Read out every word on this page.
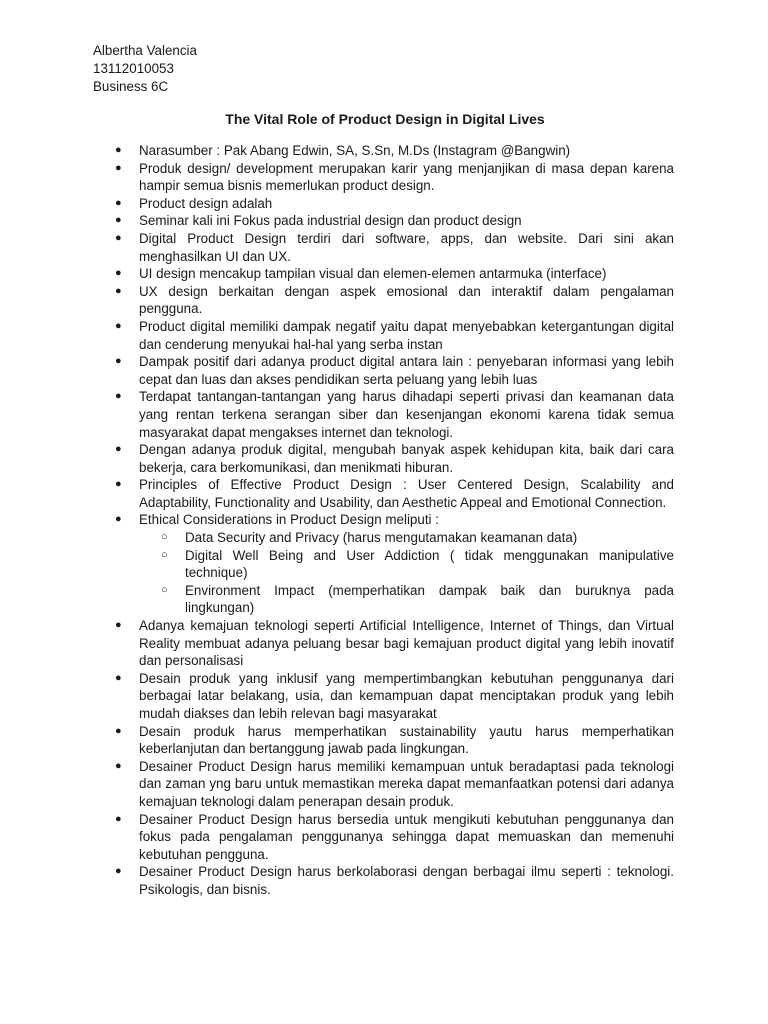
Albertha Valencia

13112010053

Business 6C

The Vital Role of Product Design in Digital Lives
● Narasumber : Pak Abang Edwin, SA, S.Sn, M.Ds (Instagram @Bangwin)
● Produk design/ development merupakan karir yang menjanjikan di masa depan karena hampir semua bisnis memerlukan product design.
● Product design adalah
● Seminar kali ini Fokus pada industrial design dan product design
● Digital Product Design terdiri dari software, apps, dan website. Dari sini akan menghasilkan UI dan UX.
● UI design mencakup tampilan visual dan elemen-elemen antarmuka (interface)
● UX design berkaitan dengan aspek emosional dan interaktif dalam pengalaman pengguna.
● Product digital memiliki dampak negatif yaitu dapat menyebabkan ketergantungan digital dan cenderung menyukai hal-hal yang serba instan
● Dampak positif dari adanya product digital antara lain : penyebaran informasi yang lebih cepat dan luas dan akses pendidikan serta peluang yang lebih luas
● Terdapat tantangan-tantangan yang harus dihadapi seperti privasi dan keamanan data yang rentan terkena serangan siber dan kesenjangan ekonomi karena tidak semua masyarakat dapat mengakses internet dan teknologi.
● Dengan adanya produk digital, mengubah banyak aspek kehidupan kita, baik dari cara bekerja, cara berkomunikasi, dan menikmati hiburan.
● Principles of Effective Product Design : User Centered Design, Scalability and Adaptability, Functionality and Usability, dan Aesthetic Appeal and Emotional Connection.
● Ethical Considerations in Product Design meliputi :
○ Data Security and Privacy (harus mengutamakan keamanan data)
○ Digital Well Being and User Addiction ( tidak menggunakan manipulative technique)
○ Environment Impact (memperhatikan dampak baik dan buruknya pada lingkungan)
● Adanya kemajuan teknologi seperti Artificial Intelligence, Internet of Things, dan Virtual Reality membuat adanya peluang besar bagi kemajuan product digital yang lebih inovatif dan personalisasi
● Desain produk yang inklusif yang mempertimbangkan kebutuhan penggunanya dari berbagai latar belakang, usia, dan kemampuan dapat menciptakan produk yang lebih mudah diakses dan lebih relevan bagi masyarakat
● Desain produk harus memperhatikan sustainability yautu harus memperhatikan keberlanjutan dan bertanggung jawab pada lingkungan.
● Desainer Product Design harus memiliki kemampuan untuk beradaptasi pada teknologi dan zaman yng baru untuk memastikan mereka dapat memanfaatkan potensi dari adanya kemajuan teknologi dalam penerapan desain produk.
● Desainer Product Design harus bersedia untuk mengikuti kebutuhan penggunanya dan fokus pada pengalaman penggunanya sehingga dapat memuaskan dan memenuhi kebutuhan pengguna.
● Desainer Product Design harus berkolaborasi dengan berbagai ilmu seperti : teknologi. Psikologis, dan bisnis.
